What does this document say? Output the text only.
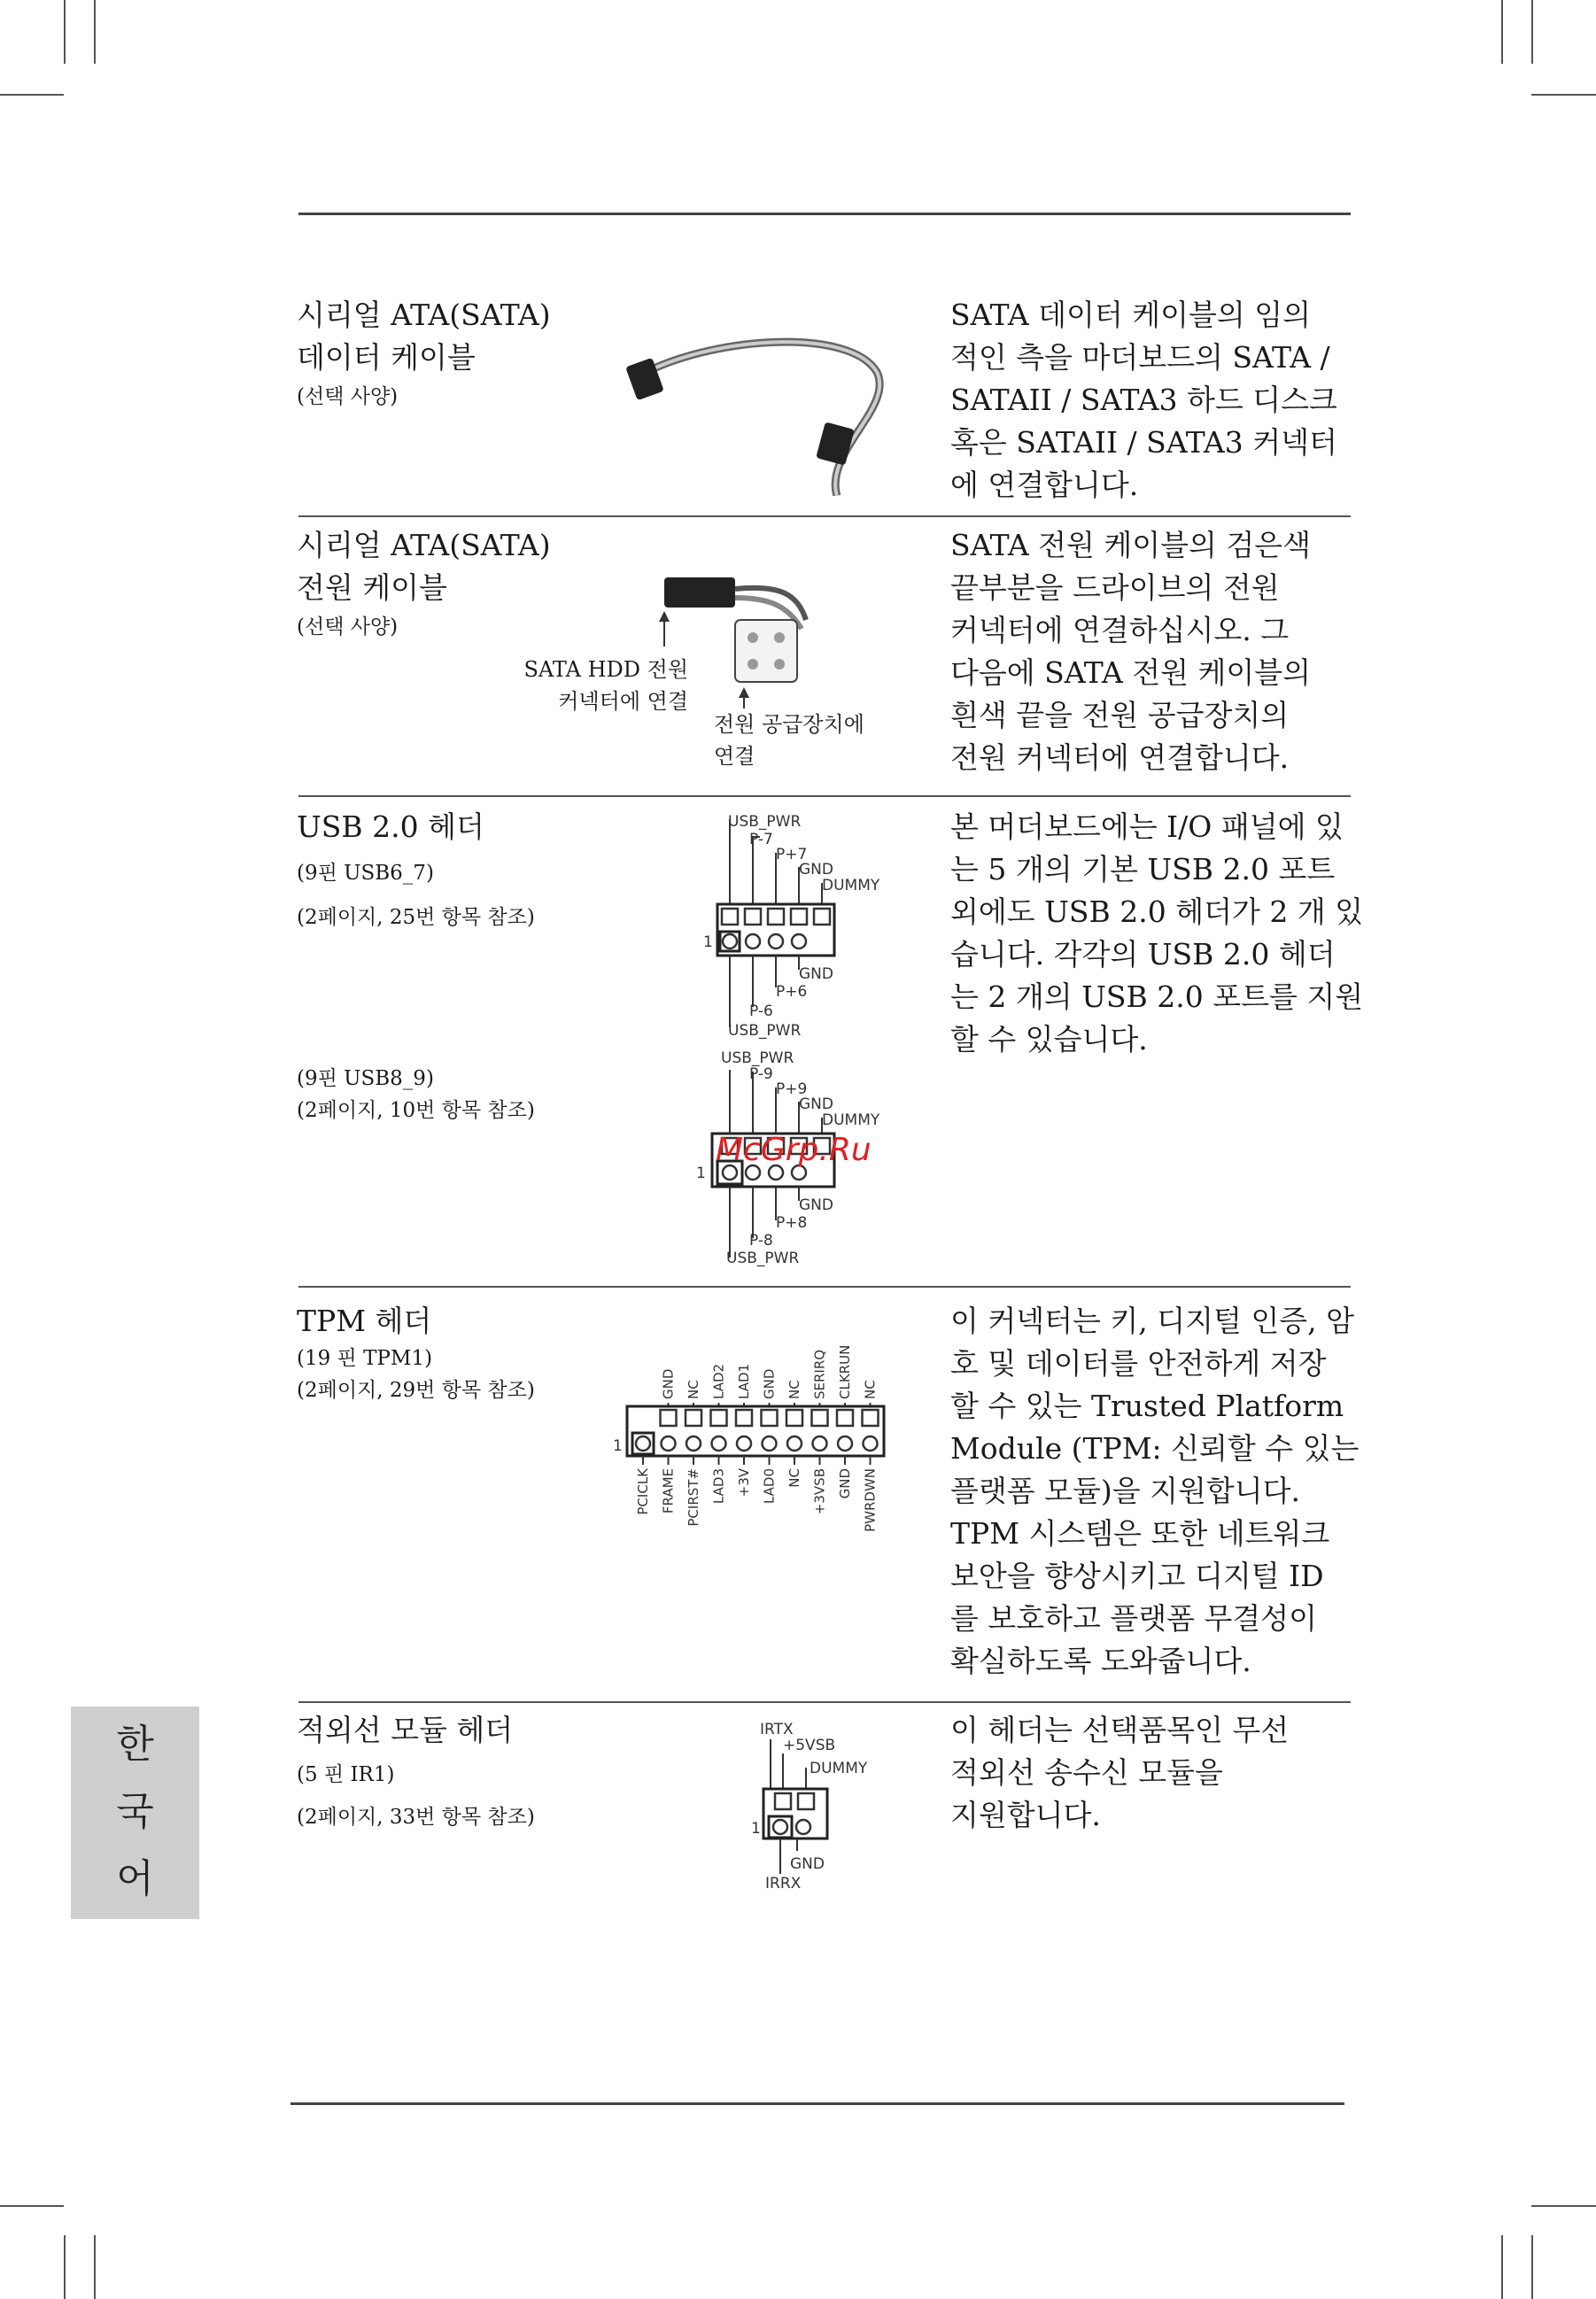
한
국
어
시리얼 ATA(SATA)
데이터 케이블
(선택 사양)
SATA 데이터 케이블의 임의
적인 측을 마더보드의 SATA /
SATAII / SATA3 하드 디스크
혹은 SATAII / SATA3 커넥터
에 연결합니다.
시리얼 ATA(SATA)
전원 케이블
(선택 사양)
SATA HDD 전원
커넥터에 연결
전원 공급장치에
연결
SATA 전원 케이블의 검은색
끝부분을 드라이브의 전원
커넥터에 연결하십시오. 그
다음에 SATA 전원 케이블의
흰색 끝을 전원 공급장치의
전원 커넥터에 연결합니다.
USB 2.0 헤더
(9핀 USB6_7)
(2페이지, 25번 항목 참조)
(9핀 USB8_9)
(2페이지, 10번 항목 참조)
USB_PWR
P-7
P+7
GND
DUMMY
1
GND
P+6
P-6
USB_PWR
USB_PWR
P-9
P+9
GND
DUMMY
1
GND
P+8
P-8
USB_PWR
본 머더보드에는 I/O 패널에 있
는 5 개의 기본 USB 2.0 포트
외에도 USB 2.0 헤더가 2 개 있
습니다. 각각의 USB 2.0 헤더
는 2 개의 USB 2.0 포트를 지원
할 수 있습니다.
McGrp.Ru
TPM 헤더
(19 핀 TPM1)
(2페이지, 29번 항목 참조)	GND NC LAD2 LAD1 GND NC SERIRQ CLKRUN NC
1
PCICLK FRAME PCIRST# LAD3 +3V LAD0 NC +3VSB GND PWRDWN
이 커넥터는 키, 디지털 인증, 암
호 및 데이터를 안전하게 저장
할 수 있는 Trusted Platform
Module (TPM: 신뢰할 수 있는
플랫폼 모듈)을 지원합니다.
TPM 시스템은 또한 네트워크
보안을 향상시키고 디지털 ID
를 보호하고 플랫폼 무결성이
확실하도록 도와줍니다.
적외선 모듈 헤더
(5 핀 IR1)
(2페이지, 33번 항목 참조)
IRTX
+5VSB
DUMMY
1
GND
IRRX
이 헤더는 선택품목인 무선
적외선 송수신 모듈을
지원합니다.
